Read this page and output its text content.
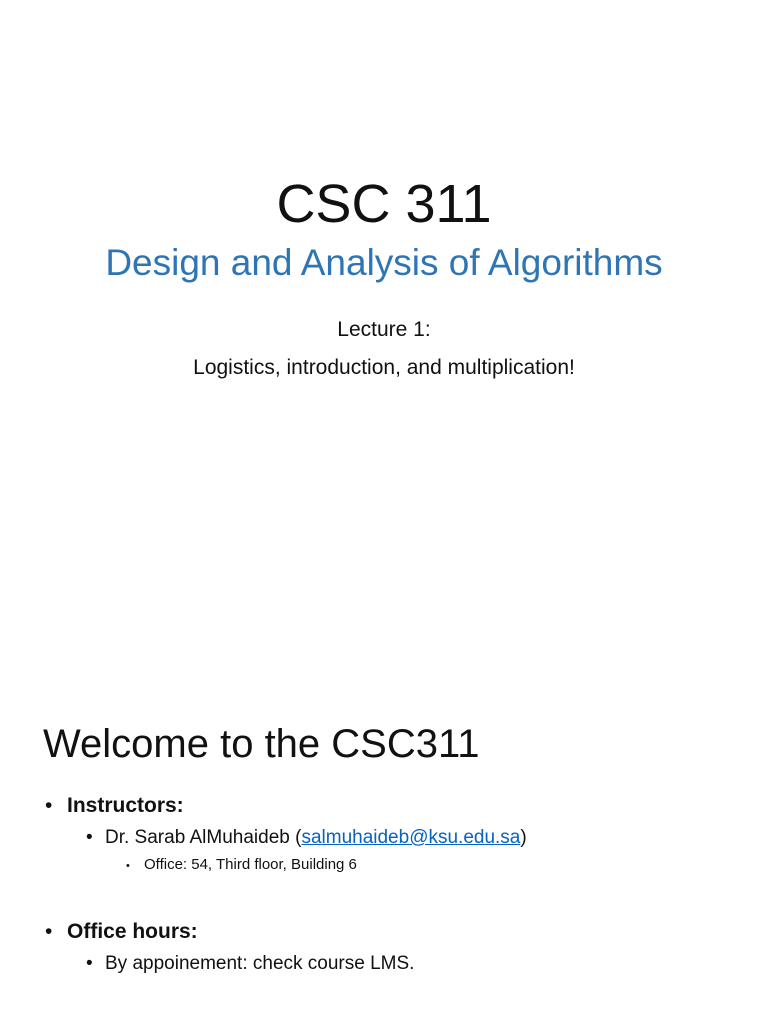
CSC 311
Design and Analysis of Algorithms
Lecture 1:
Logistics, introduction, and multiplication!
Welcome to the CSC311
• Instructors:
• Dr. Sarab AlMuhaideb (salmuhaideb@ksu.edu.sa)
• Office: 54, Third floor, Building 6
• Office hours:
• By appoinement: check course LMS.
